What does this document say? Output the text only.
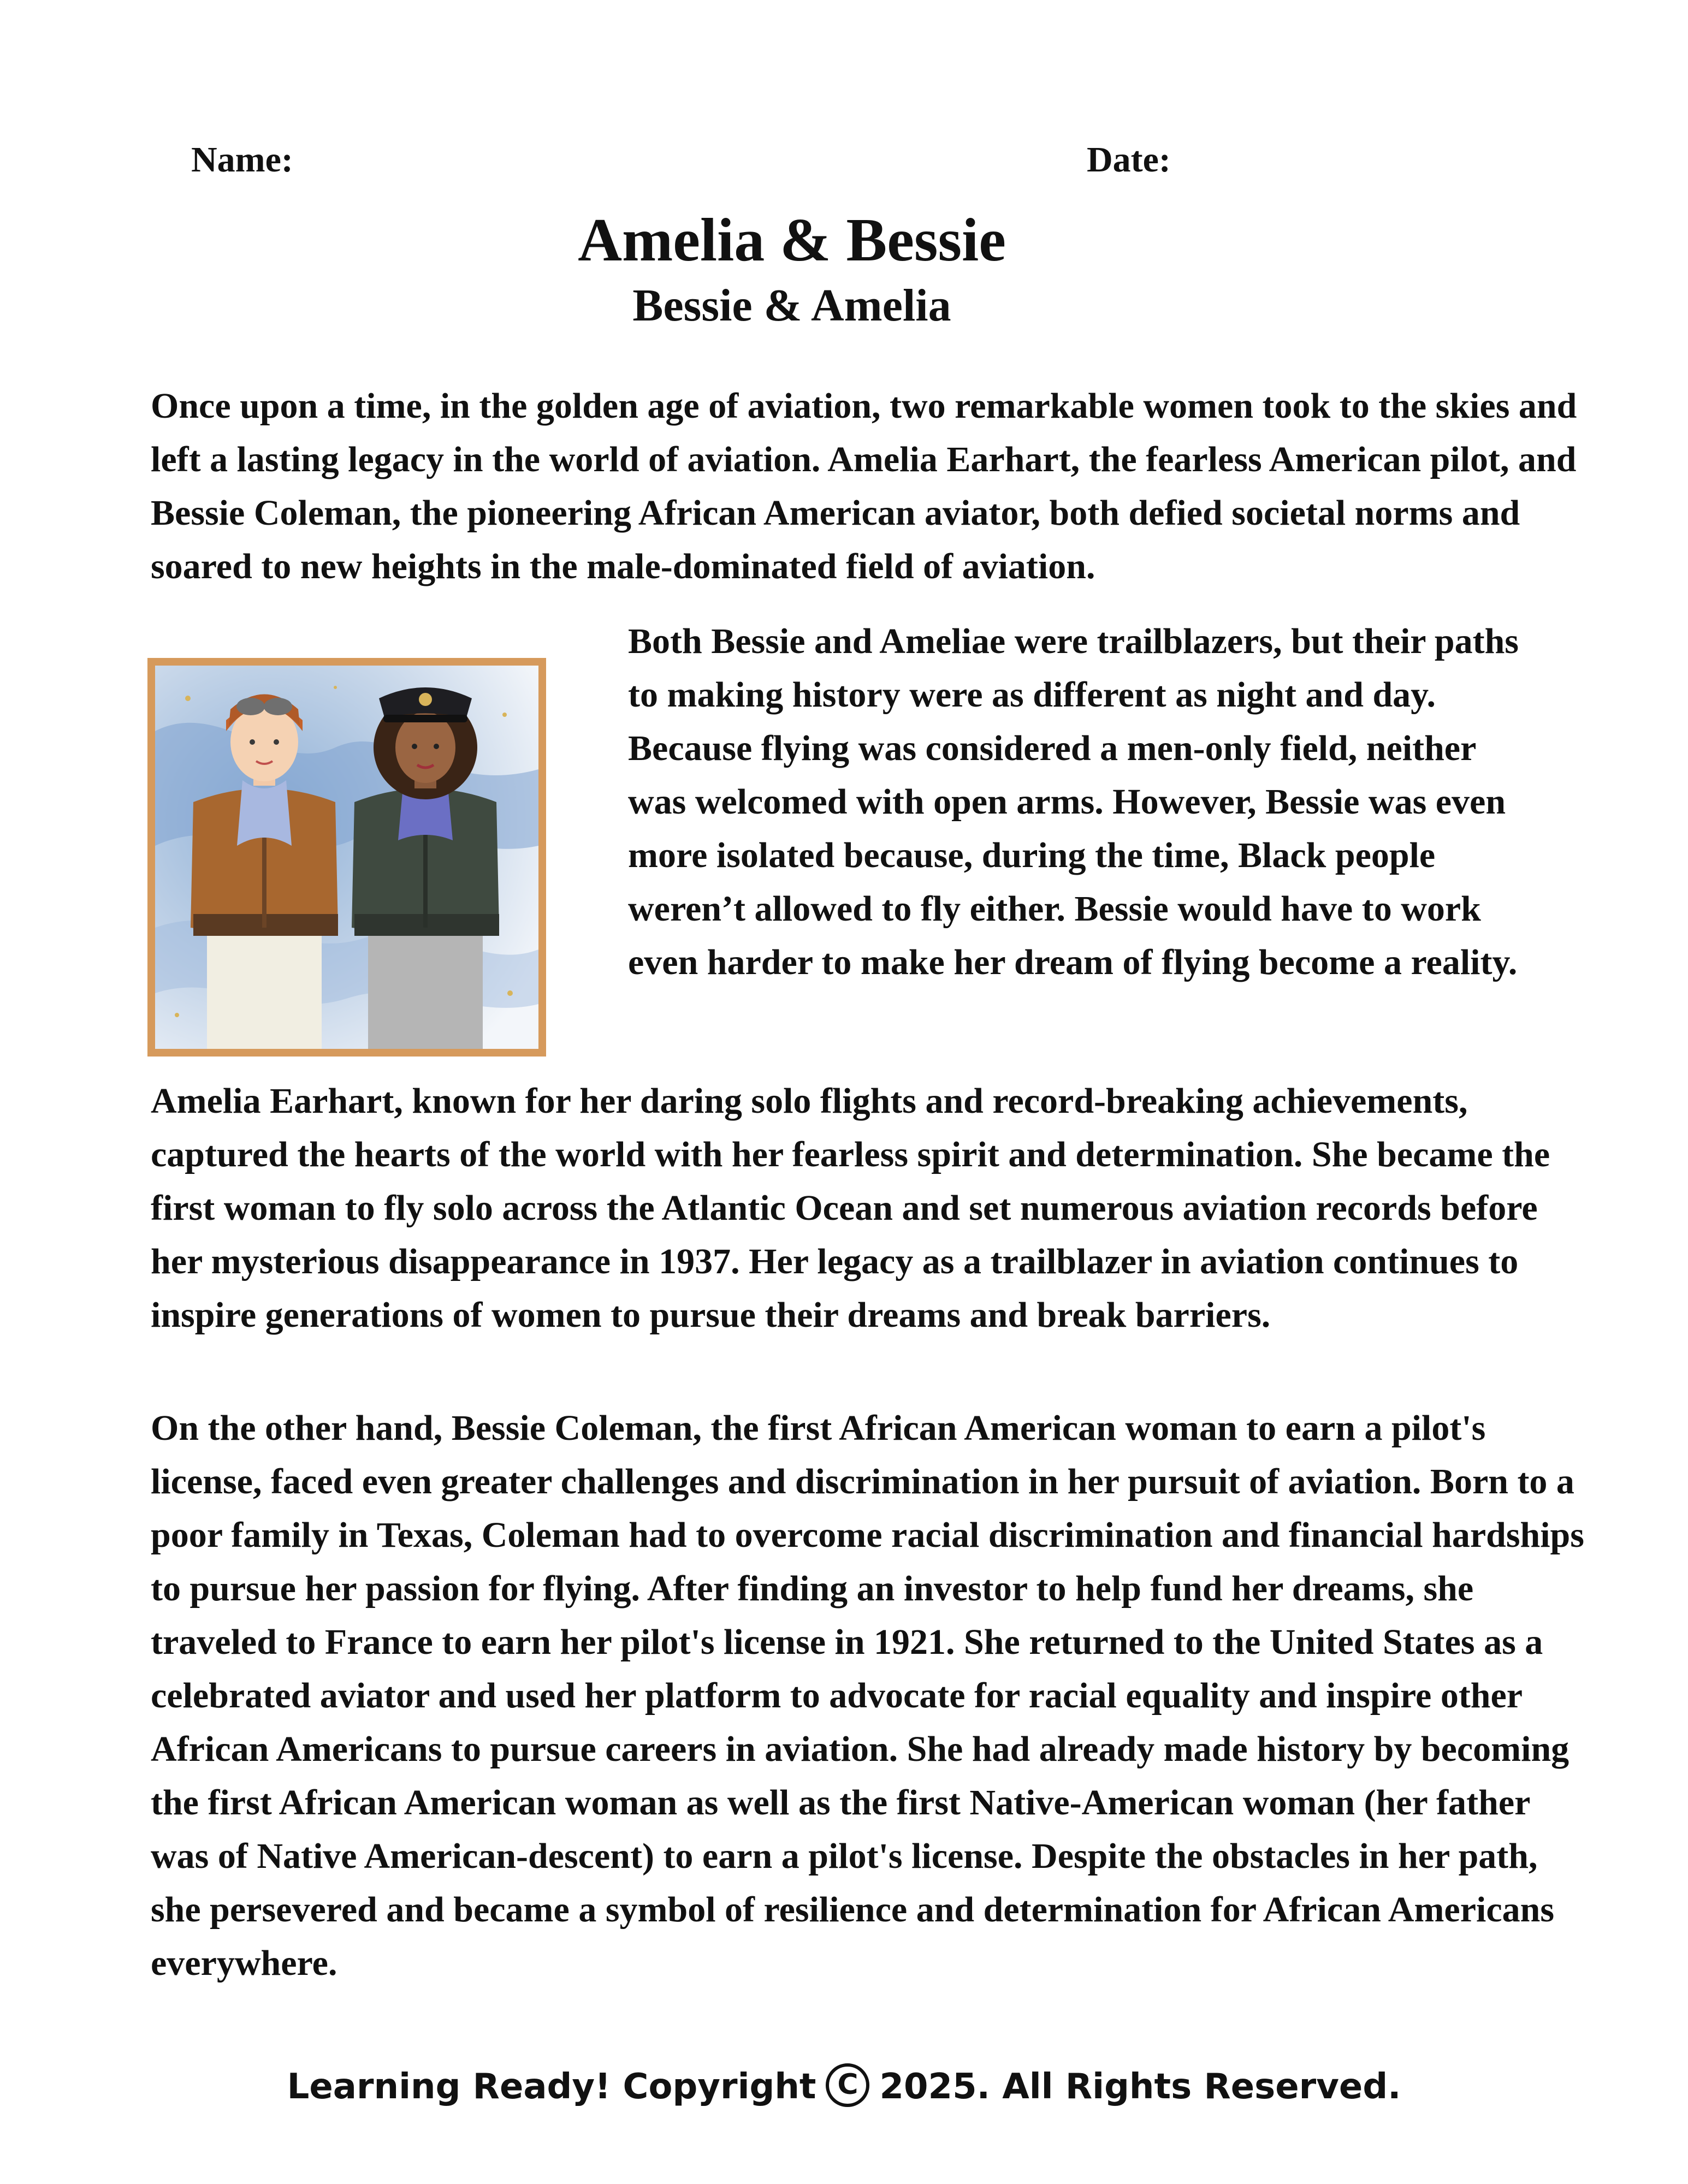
Name:	Date:
Amelia & Bessie
Bessie & Amelia

Once upon a time, in the golden age of aviation, two remarkable women took to the skies and left a lasting legacy in the world of aviation. Amelia Earhart, the fearless American pilot, and Bessie Coleman, the pioneering African American aviator, both defied societal norms and soared to new heights in the male-dominated field of aviation.

Both Bessie and Ameliae were trailblazers, but their paths to making history were as different as night and day. Because flying was considered a men-only field, neither was welcomed with open arms. However, Bessie was even more isolated because, during the time, Black people weren’t allowed to fly either. Bessie would have to work even harder to make her dream of flying become a reality.

Amelia Earhart, known for her daring solo flights and record-breaking achievements, captured the hearts of the world with her fearless spirit and determination. She became the first woman to fly solo across the Atlantic Ocean and set numerous aviation records before her mysterious disappearance in 1937. Her legacy as a trailblazer in aviation continues to inspire generations of women to pursue their dreams and break barriers.

On the other hand, Bessie Coleman, the first African American woman to earn a pilot's license, faced even greater challenges and discrimination in her pursuit of aviation. Born to a poor family in Texas, Coleman had to overcome racial discrimination and financial hardships to pursue her passion for flying. After finding an investor to help fund her dreams, she traveled to France to earn her pilot's license in 1921. She returned to the United States as a celebrated aviator and used her platform to advocate for racial equality and inspire other African Americans to pursue careers in aviation. She had already made history by becoming the first African American woman as well as the first Native-American woman (her father was of Native American-descent) to earn a pilot's license. Despite the obstacles in her path, she persevered and became a symbol of resilience and determination for African Americans everywhere.

Learning Ready! Copyright C 2025. All Rights Reserved.
